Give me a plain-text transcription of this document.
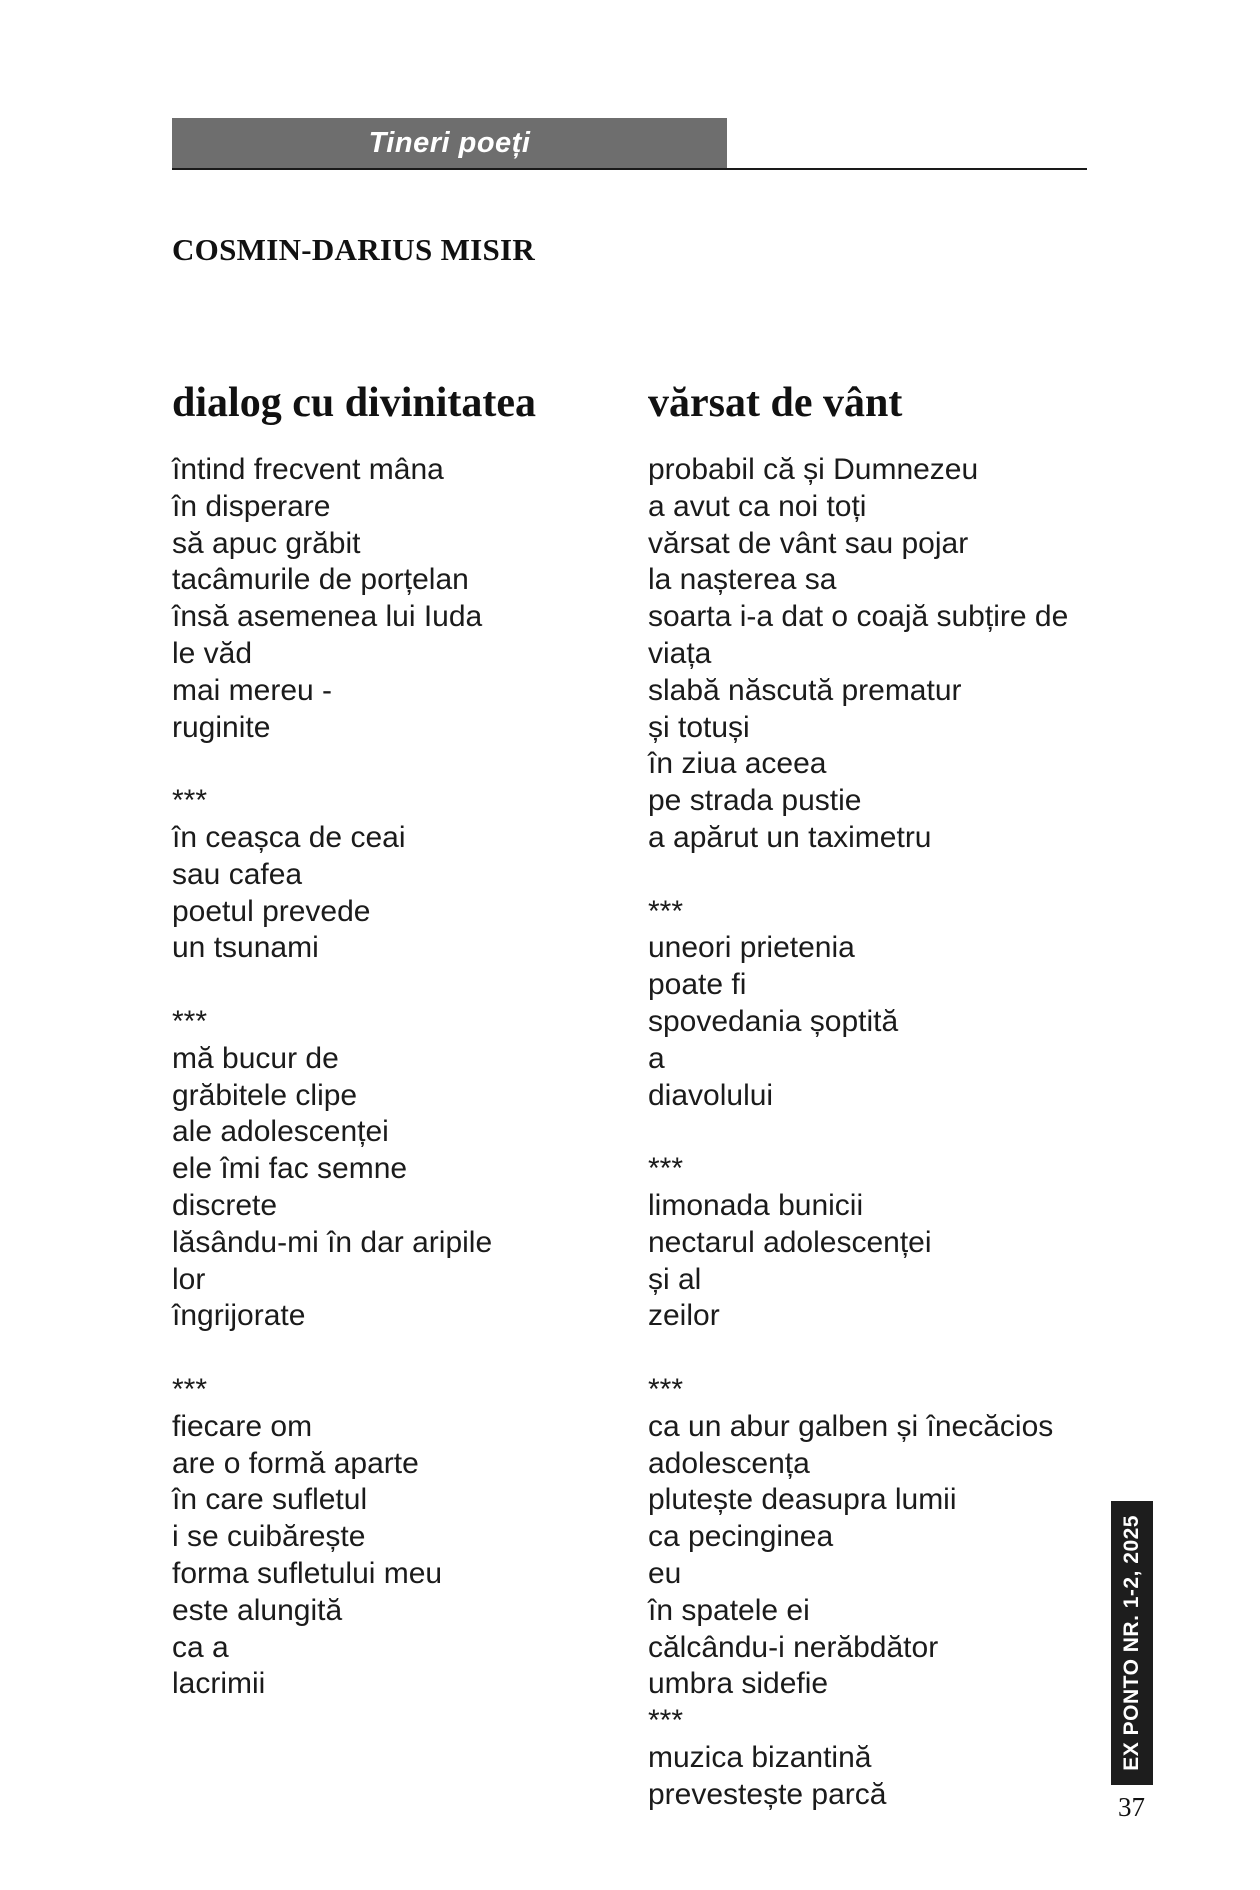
Tineri poeți
COSMIN-DARIUS MISIR
dialog cu divinitatea	vărsat de vânt
întind frecvent mâna
în disperare
să apuc grăbit
tacâmurile de porțelan
însă asemenea lui Iuda
le văd
mai mereu -
ruginite
***
în ceașca de ceai
sau cafea
poetul prevede
un tsunami
***
mă bucur de
grăbitele clipe
ale adolescenței
ele îmi fac semne
discrete
lăsându-mi în dar aripile
lor
îngrijorate
***
fiecare om
are o formă aparte
în care sufletul
i se cuibărește
forma sufletului meu
este alungită
ca a
lacrimii
probabil că și Dumnezeu
a avut ca noi toți
vărsat de vânt sau pojar
la nașterea sa
soarta i-a dat o coajă subțire de
viața
slabă născută prematur
și totuși
în ziua aceea
pe strada pustie
a apărut un taximetru
***
uneori prietenia
poate fi
spovedania șoptită
a
diavolului
***
limonada bunicii
nectarul adolescenței
și al
zeilor
***
ca un abur galben și înecăcios
adolescența
plutește deasupra lumii
ca pecinginea
eu
în spatele ei
călcându-i nerăbdător
umbra sidefie
***
muzica bizantină
prevestește parcă
EX PONTO NR. 1-2, 2025
37
